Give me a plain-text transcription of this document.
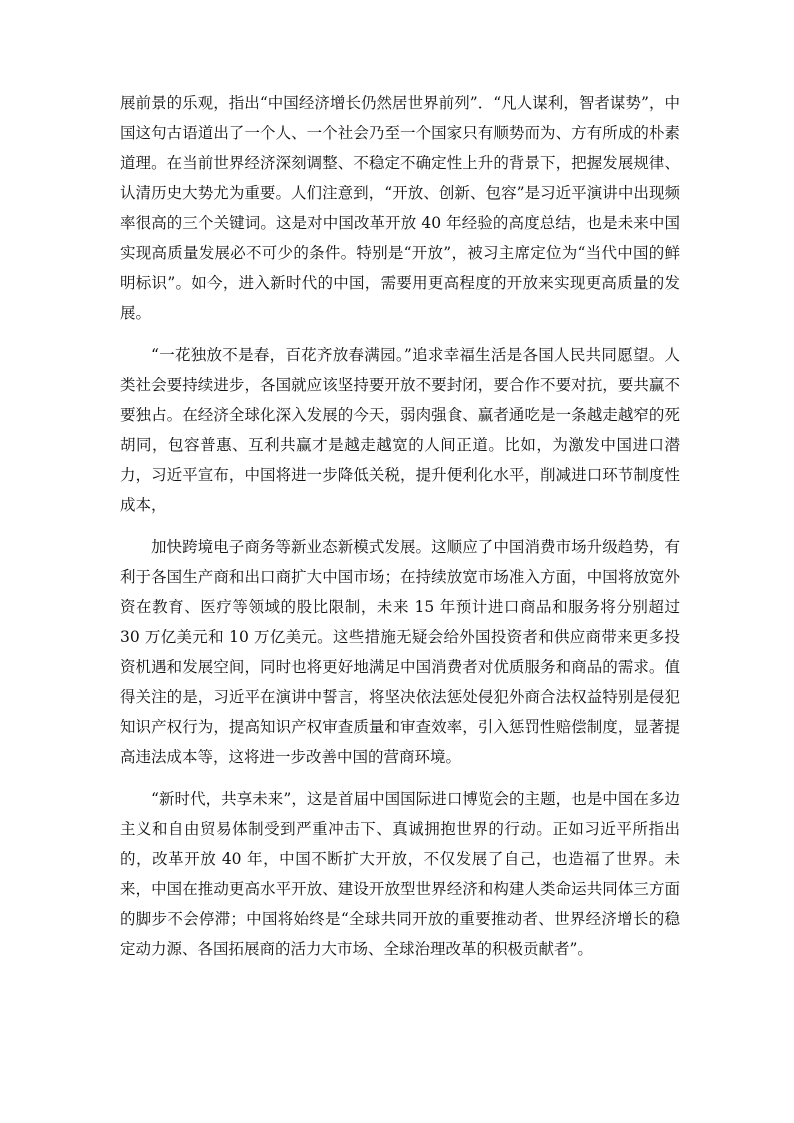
展前景的乐观，指出“中国经济增长仍然居世界前列”．“凡人谋利，智者谋势”，中国这句古语道出了一个人、一个社会乃至一个国家只有顺势而为、方有所成的朴素道理。在当前世界经济深刻调整、不稳定不确定性上升的背景下，把握发展规律、认清历史大势尤为重要。人们注意到，“开放、创新、包容”是习近平演讲中出现频率很高的三个关键词。这是对中国改革开放 40 年经验的高度总结，也是未来中国实现高质量发展必不可少的条件。特别是“开放”，被习主席定位为“当代中国的鲜明标识”。如今，进入新时代的中国，需要用更高程度的开放来实现更高质量的发展。

“一花独放不是春，百花齐放春满园。”追求幸福生活是各国人民共同愿望。人类社会要持续进步，各国就应该坚持要开放不要封闭，要合作不要对抗，要共赢不要独占。在经济全球化深入发展的今天，弱肉强食、赢者通吃是一条越走越窄的死胡同，包容普惠、互利共赢才是越走越宽的人间正道。比如，为激发中国进口潜力，习近平宣布，中国将进一步降低关税，提升便利化水平，削减进口环节制度性成本，

加快跨境电子商务等新业态新模式发展。这顺应了中国消费市场升级趋势，有利于各国生产商和出口商扩大中国市场；在持续放宽市场准入方面，中国将放宽外资在教育、医疗等领域的股比限制，未来 15 年预计进口商品和服务将分别超过 30 万亿美元和 10 万亿美元。这些措施无疑会给外国投资者和供应商带来更多投资机遇和发展空间，同时也将更好地满足中国消费者对优质服务和商品的需求。值得关注的是，习近平在演讲中誓言，将坚决依法惩处侵犯外商合法权益特别是侵犯知识产权行为，提高知识产权审查质量和审查效率，引入惩罚性赔偿制度，显著提高违法成本等，这将进一步改善中国的营商环境。

“新时代，共享未来”，这是首届中国国际进口博览会的主题，也是中国在多边主义和自由贸易体制受到严重冲击下、真诚拥抱世界的行动。正如习近平所指出的，改革开放 40 年，中国不断扩大开放，不仅发展了自己，也造福了世界。未来，中国在推动更高水平开放、建设开放型世界经济和构建人类命运共同体三方面的脚步不会停滞；中国将始终是“全球共同开放的重要推动者、世界经济增长的稳定动力源、各国拓展商的活力大市场、全球治理改革的积极贡献者”。
